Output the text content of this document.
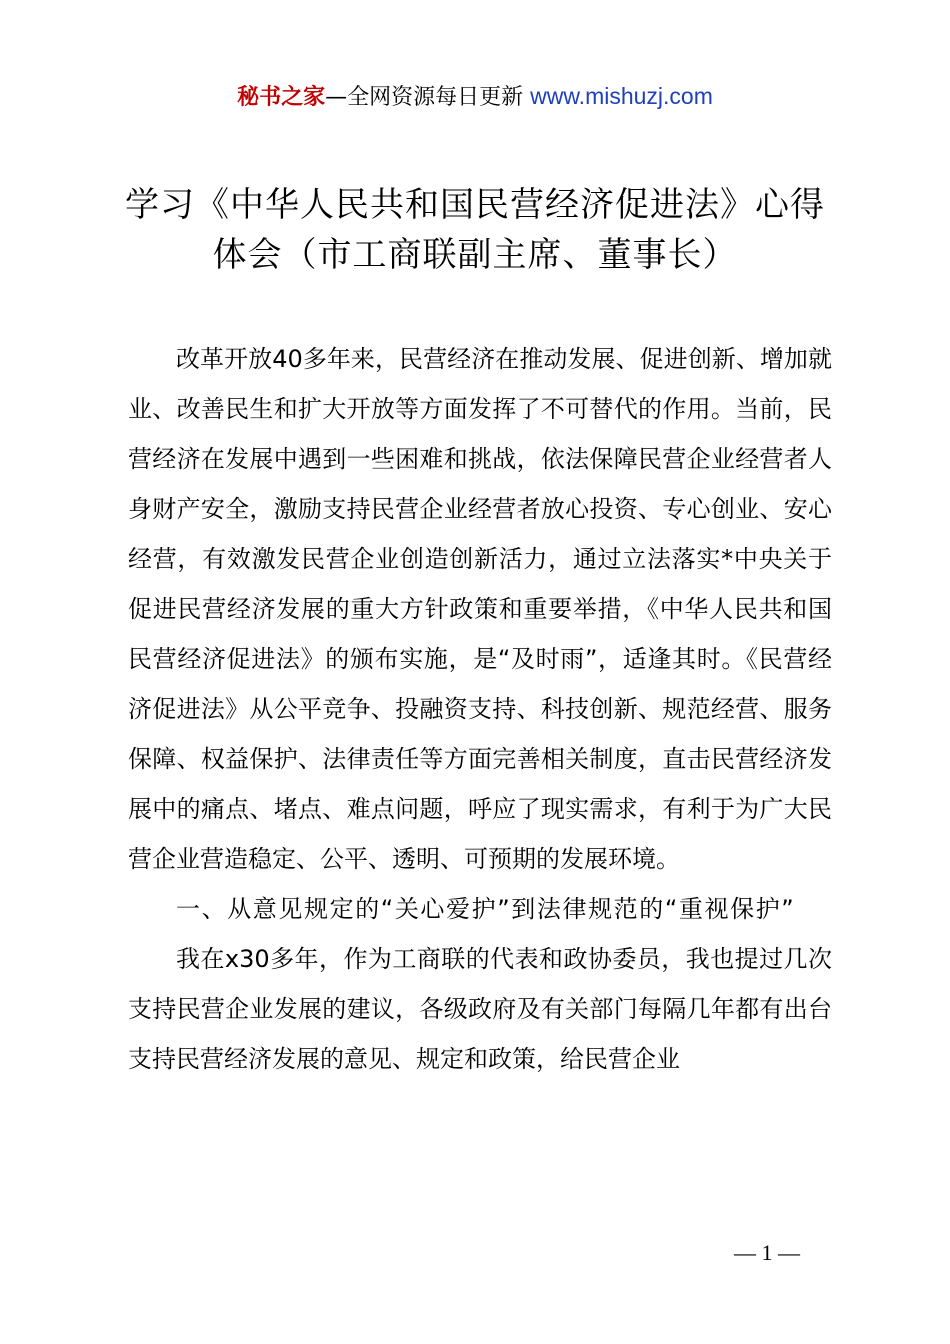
秘书之家—全网资源每日更新 www.mishuzj.com
学习《中华人民共和国民营经济促进法》心得
体会（市工商联副主席、董事长）

改革开放40多年来，民营经济在推动发展、促进创新、增加就业、改善民生和扩大开放等方面发挥了不可替代的作用。当前，民营经济在发展中遇到一些困难和挑战，依法保障民营企业经营者人身财产安全，激励支持民营企业经营者放心投资、专心创业、安心经营，有效激发民营企业创造创新活力，通过立法落实*中央关于促进民营经济发展的重大方针政策和重要举措，《中华人民共和国民营经济促进法》的颁布实施，是“及时雨”，适逢其时。《民营经济促进法》从公平竞争、投融资支持、科技创新、规范经营、服务保障、权益保护、法律责任等方面完善相关制度，直击民营经济发展中的痛点、堵点、难点问题，呼应了现实需求，有利于为广大民营企业营造稳定、公平、透明、可预期的发展环境。

一、从意见规定的“关心爱护”到法律规范的“重视保护”

我在x30多年，作为工商联的代表和政协委员，我也提过几次支持民营企业发展的建议，各级政府及有关部门每隔几年都有出台支持民营经济发展的意见、规定和政策，给民营企业

— 1 —
